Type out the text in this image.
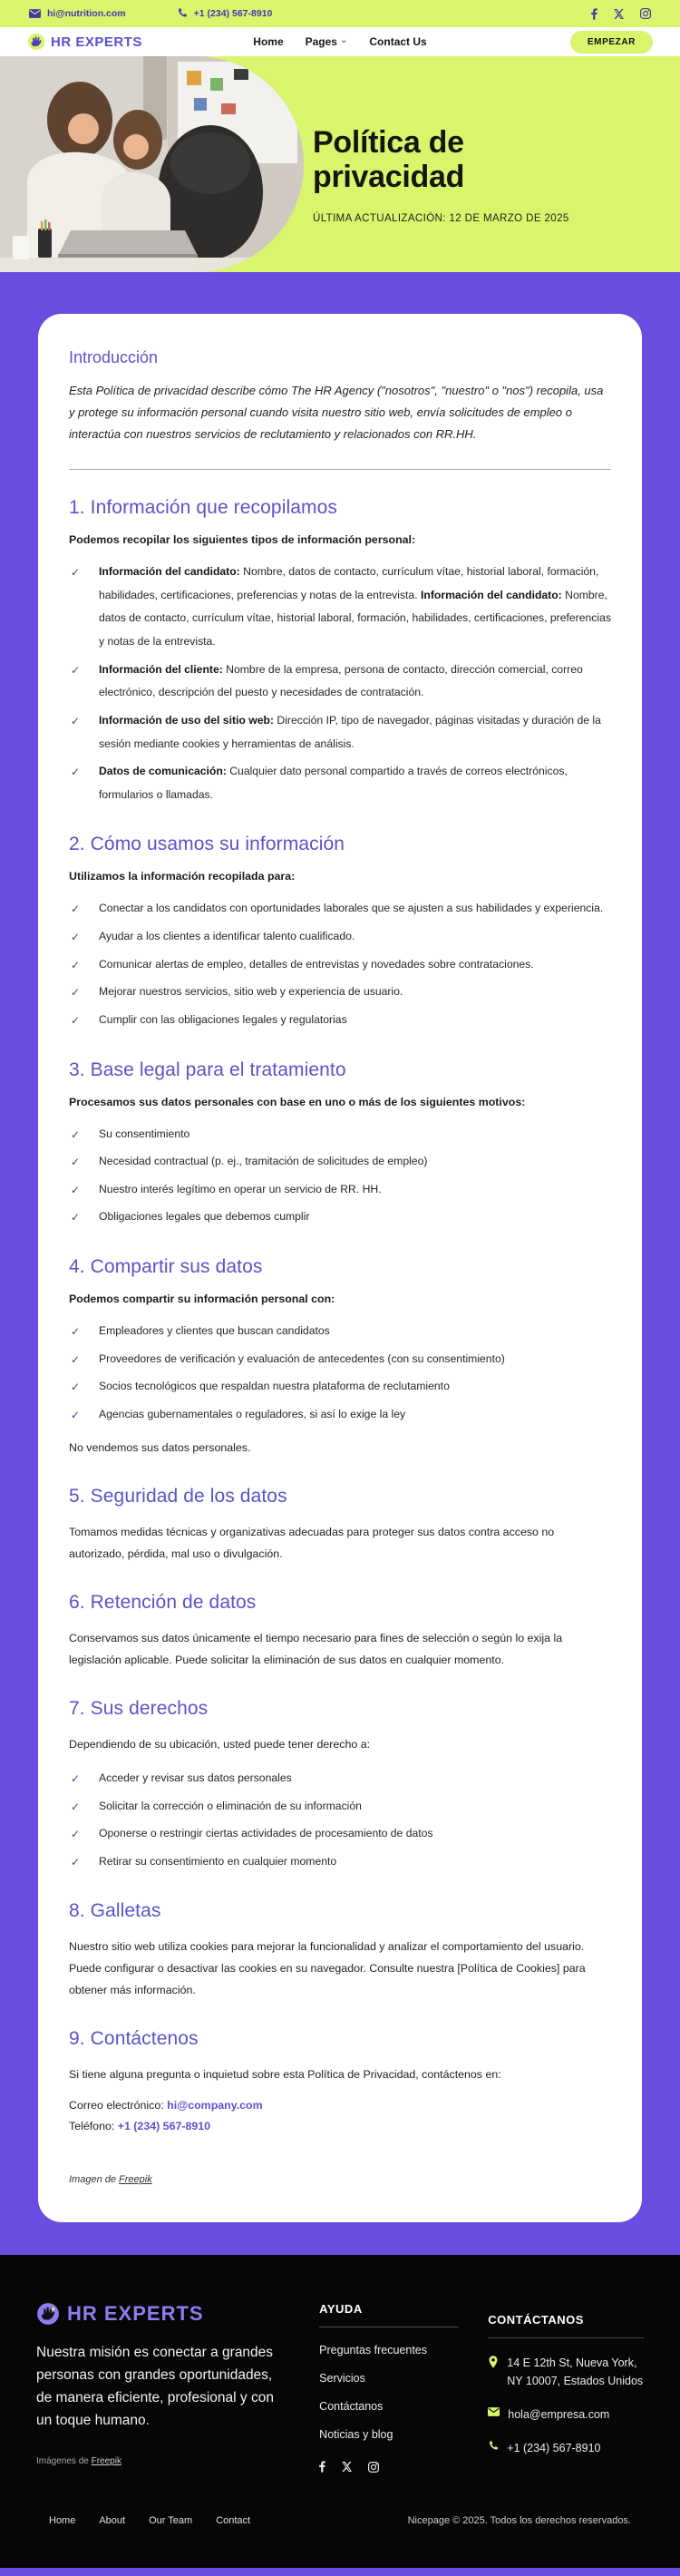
hi@nutrition.com	+1 (234) 567-8910
HR EXPERTS	Home Pages ⌄ Contact Us	EMPEZAR
Política de privacidad
ÚLTIMA ACTUALIZACIÓN: 12 DE MARZO DE 2025
Introducción

Esta Política de privacidad describe cómo The HR Agency ("nosotros", "nuestro" o "nos") recopila, usa y protege su información personal cuando visita nuestro sitio web, envía solicitudes de empleo o interactúa con nuestros servicios de reclutamiento y relacionados con RR.HH.

1. Información que recopilamos

Podemos recopilar los siguientes tipos de información personal:

✓ Información del candidato: Nombre, datos de contacto, currículum vítae, historial laboral, formación, habilidades, certificaciones, preferencias y notas de la entrevista. Información del candidato: Nombre, datos de contacto, currículum vítae, historial laboral, formación, habilidades, certificaciones, preferencias y notas de la entrevista.
✓ Información del cliente: Nombre de la empresa, persona de contacto, dirección comercial, correo electrónico, descripción del puesto y necesidades de contratación.
✓ Información de uso del sitio web: Dirección IP, tipo de navegador, páginas visitadas y duración de la sesión mediante cookies y herramientas de análisis.
✓ Datos de comunicación: Cualquier dato personal compartido a través de correos electrónicos, formularios o llamadas.
2. Cómo usamos su información

Utilizamos la información recopilada para:

✓ Conectar a los candidatos con oportunidades laborales que se ajusten a sus habilidades y experiencia.
✓ Ayudar a los clientes a identificar talento cualificado.
✓ Comunicar alertas de empleo, detalles de entrevistas y novedades sobre contrataciones.
✓ Mejorar nuestros servicios, sitio web y experiencia de usuario.
✓ Cumplir con las obligaciones legales y regulatorias
3. Base legal para el tratamiento

Procesamos sus datos personales con base en uno o más de los siguientes motivos:

✓ Su consentimiento
✓ Necesidad contractual (p. ej., tramitación de solicitudes de empleo)
✓ Nuestro interés legítimo en operar un servicio de RR. HH.
✓ Obligaciones legales que debemos cumplir
4. Compartir sus datos

Podemos compartir su información personal con:

✓ Empleadores y clientes que buscan candidatos
✓ Proveedores de verificación y evaluación de antecedentes (con su consentimiento)
✓ Socios tecnológicos que respaldan nuestra plataforma de reclutamiento
✓ Agencias gubernamentales o reguladores, si así lo exige la ley

No vendemos sus datos personales.

5. Seguridad de los datos

Tomamos medidas técnicas y organizativas adecuadas para proteger sus datos contra acceso no autorizado, pérdida, mal uso o divulgación.

6. Retención de datos

Conservamos sus datos únicamente el tiempo necesario para fines de selección o según lo exija la legislación aplicable. Puede solicitar la eliminación de sus datos en cualquier momento.

7. Sus derechos

Dependiendo de su ubicación, usted puede tener derecho a:

✓ Acceder y revisar sus datos personales
✓ Solicitar la corrección o eliminación de su información
✓ Oponerse o restringir ciertas actividades de procesamiento de datos
✓ Retirar su consentimiento en cualquier momento
8. Galletas

Nuestro sitio web utiliza cookies para mejorar la funcionalidad y analizar el comportamiento del usuario. Puede configurar o desactivar las cookies en su navegador. Consulte nuestra [Política de Cookies] para obtener más información.

9. Contáctenos

Si tiene alguna pregunta o inquietud sobre esta Política de Privacidad, contáctenos en:

Correo electrónico: hi@company.com

Teléfono: +1 (234) 567-8910

Imagen de Freepik

HR EXPERTS

Nuestra misión es conectar a grandes personas con grandes oportunidades, de manera eficiente, profesional y con un toque humano.

Imágenes de Freepik

AYUDA
Preguntas frecuentes
Servicios
Contáctanos
Noticias y blog
CONTÁCTANOS
14 E 12th St, Nueva York, NY 10007, Estados Unidos
hola@empresa.com
+1 (234) 567-8910
Home About Our Team Contact	Nicepage © 2025. Todos los derechos reservados.
